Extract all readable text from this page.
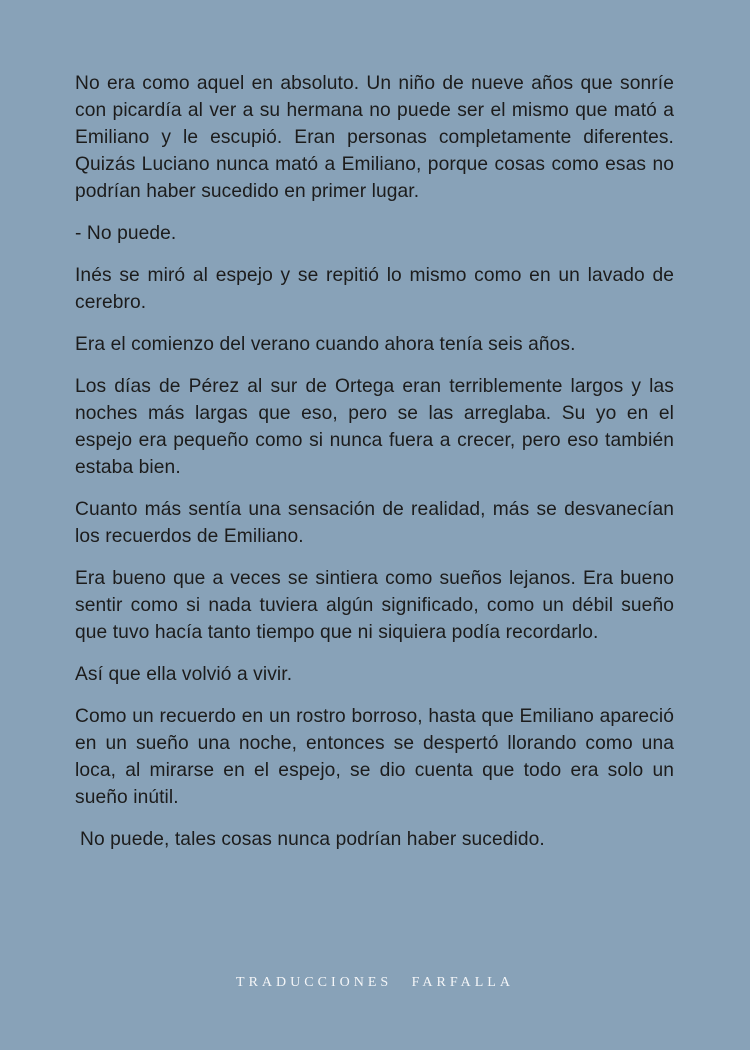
No era como aquel en absoluto. Un niño de nueve años que sonríe con picardía al ver a su hermana no puede ser el mismo que mató a Emiliano y le escupió. Eran personas completamente diferentes. Quizás Luciano nunca mató a Emiliano, porque cosas como esas no podrían haber sucedido en primer lugar.

- No puede.

Inés se miró al espejo y se repitió lo mismo como en un lavado de cerebro.

Era el comienzo del verano cuando ahora tenía seis años.

Los días de Pérez al sur de Ortega eran terriblemente largos y las noches más largas que eso, pero se las arreglaba. Su yo en el espejo era pequeño como si nunca fuera a crecer, pero eso también estaba bien.

Cuanto más sentía una sensación de realidad, más se desvanecían los recuerdos de Emiliano.

Era bueno que a veces se sintiera como sueños lejanos. Era bueno sentir como si nada tuviera algún significado, como un débil sueño que tuvo hacía tanto tiempo que ni siquiera podía recordarlo.

Así que ella volvió a vivir.

Como un recuerdo en un rostro borroso, hasta que Emiliano apareció en un sueño una noche, entonces se despertó llorando como una loca, al mirarse en el espejo, se dio cuenta que todo era solo un sueño inútil.

No puede, tales cosas nunca podrían haber sucedido.

TRADUCCIONES FARFALLA
